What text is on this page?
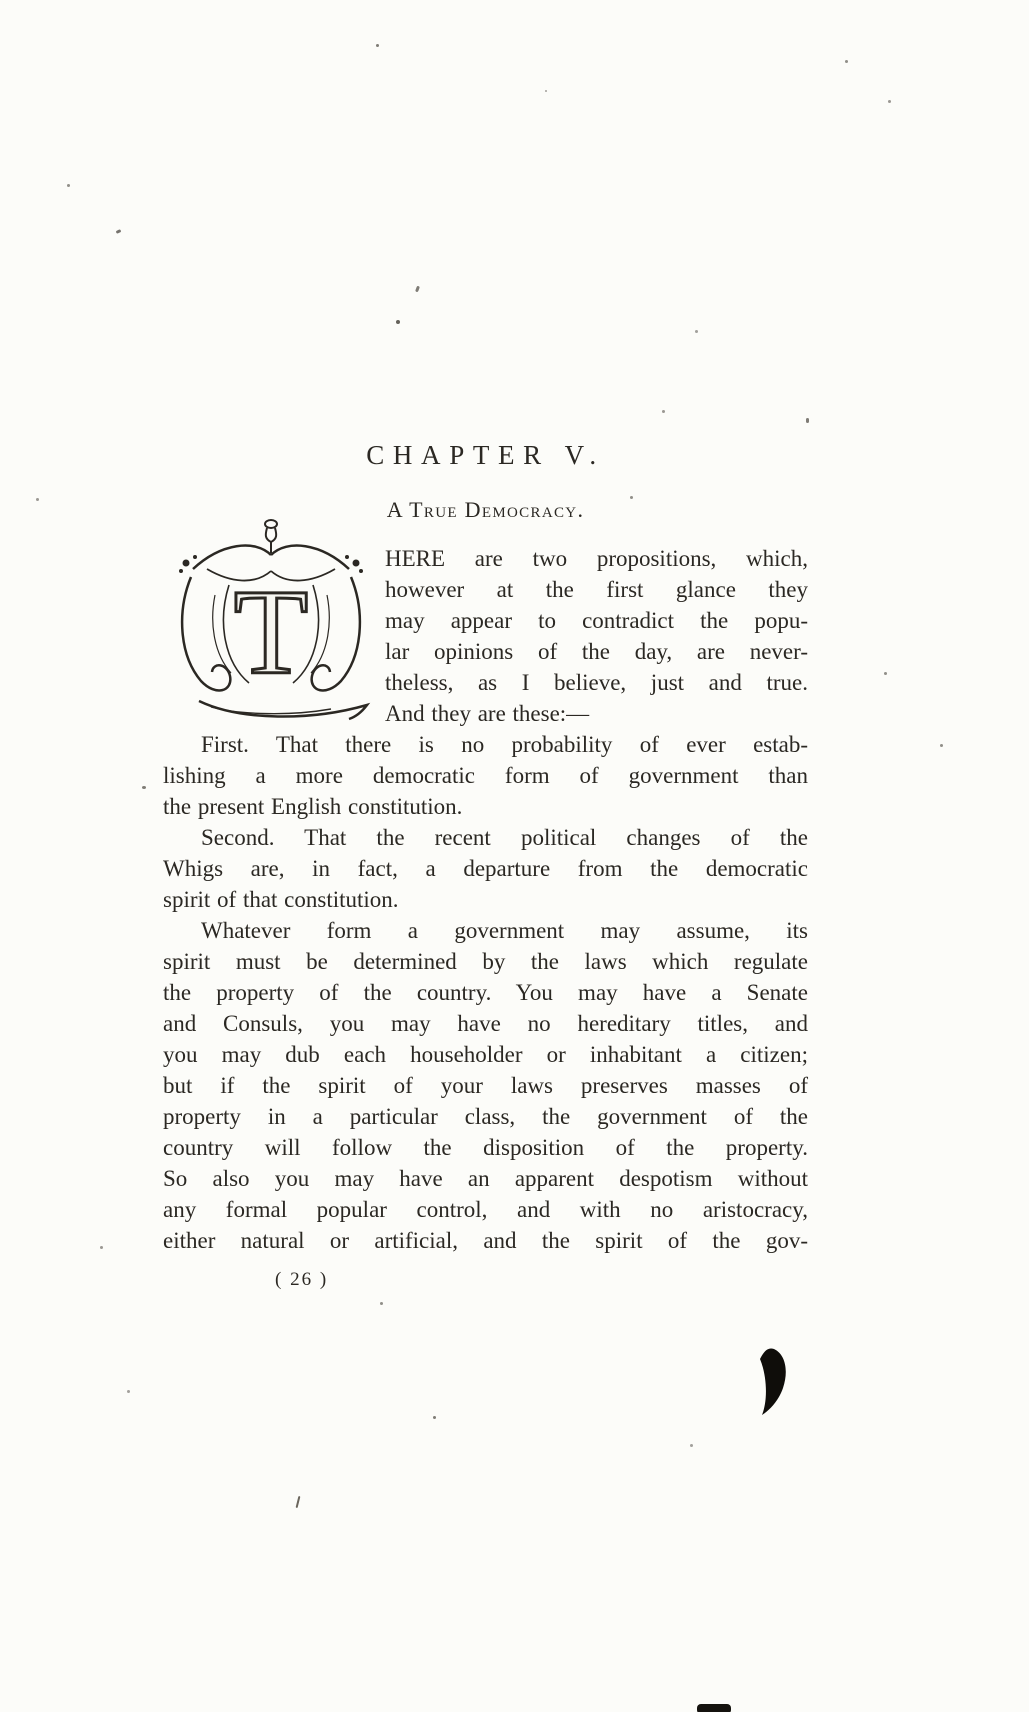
CHAPTER V.
A True Democracy.
T
HERE are two propositions, which,
however at the first glance they
may appear to contradict the popu-
lar opinions of the day, are never-
theless, as I believe, just and true.
And they are these:—
First. That there is no probability of ever estab-
lishing a more democratic form of government than
the present English constitution.
Second. That the recent political changes of the
Whigs are, in fact, a departure from the democratic
spirit of that constitution.
Whatever form a government may assume, its
spirit must be determined by the laws which regulate
the property of the country. You may have a Senate
and Consuls, you may have no hereditary titles, and
you may dub each householder or inhabitant a citizen;
but if the spirit of your laws preserves masses of
property in a particular class, the government of the
country will follow the disposition of the property.
So also you may have an apparent despotism without
any formal popular control, and with no aristocracy,
either natural or artificial, and the spirit of the gov-
( 26 )
